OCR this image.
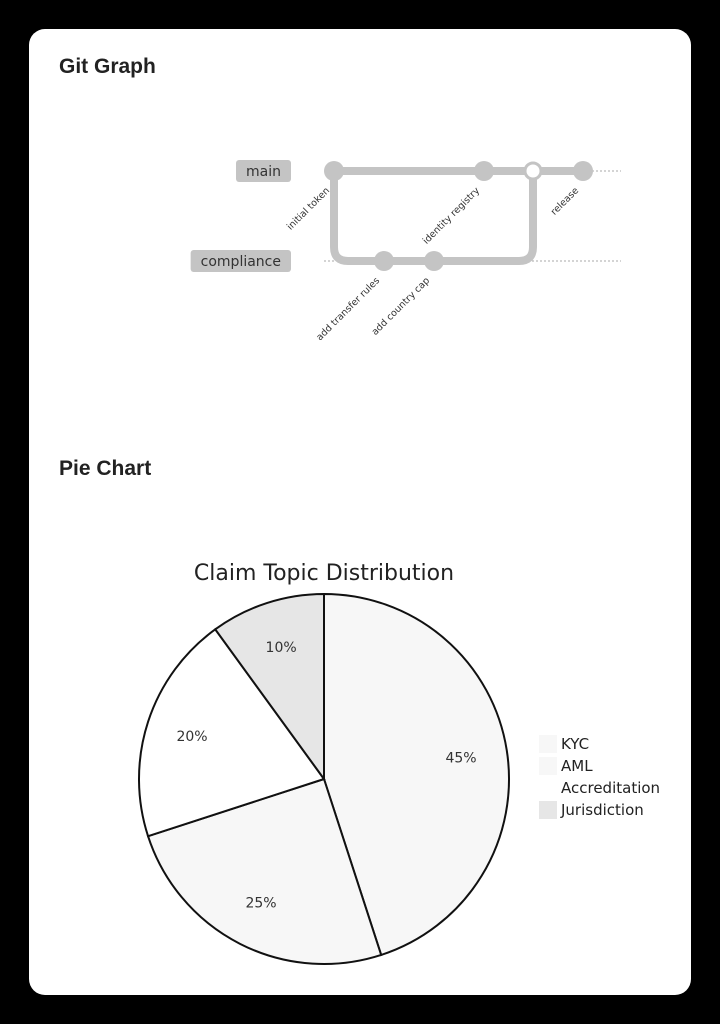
Git Graph
Pie Chart
main
compliance
initial token
add transfer rules
add country cap
identity registry	release
Claim Topic Distribution
45%
25%
20%
10%
KYC
AML
Accreditation
Jurisdiction
